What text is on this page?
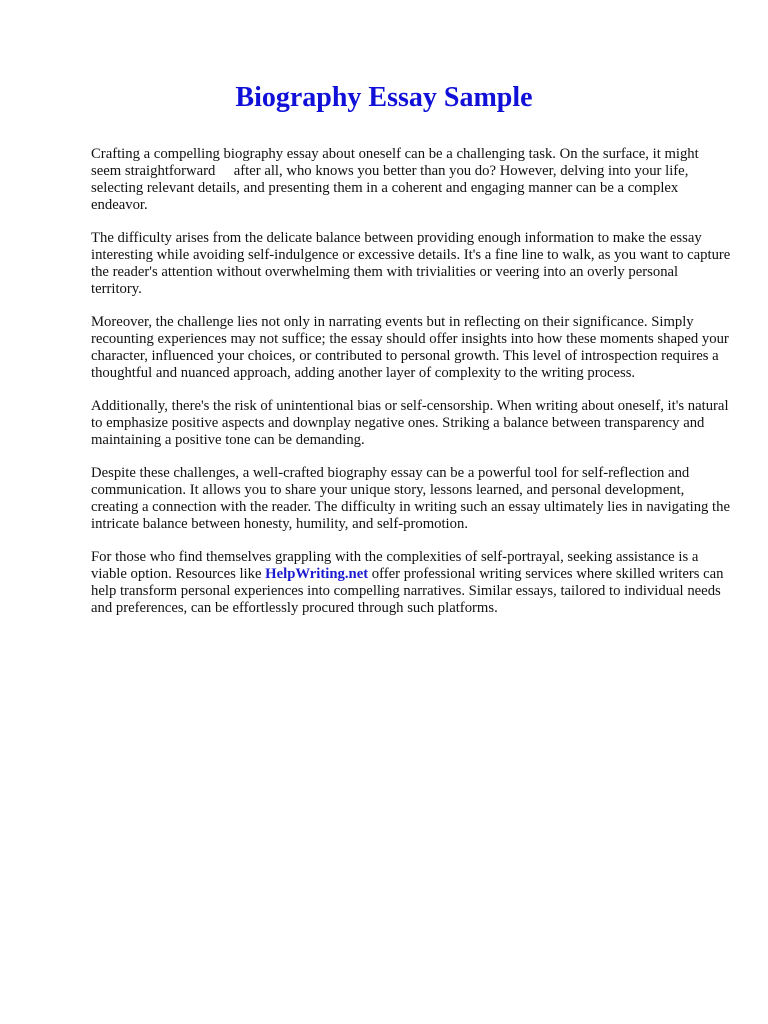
Biography Essay Sample

Crafting a compelling biography essay about oneself can be a challenging task. On the surface, it might seem straightforward  after all, who knows you better than you do? However, delving into your life, selecting relevant details, and presenting them in a coherent and engaging manner can be a complex endeavor.

The difficulty arises from the delicate balance between providing enough information to make the essay interesting while avoiding self-indulgence or excessive details. It's a fine line to walk, as you want to capture the reader's attention without overwhelming them with trivialities or veering into an overly personal territory.

Moreover, the challenge lies not only in narrating events but in reflecting on their significance. Simply recounting experiences may not suffice; the essay should offer insights into how these moments shaped your character, influenced your choices, or contributed to personal growth. This level of introspection requires a thoughtful and nuanced approach, adding another layer of complexity to the writing process.

Additionally, there's the risk of unintentional bias or self-censorship. When writing about oneself, it's natural to emphasize positive aspects and downplay negative ones. Striking a balance between transparency and maintaining a positive tone can be demanding.

Despite these challenges, a well-crafted biography essay can be a powerful tool for self-reflection and communication. It allows you to share your unique story, lessons learned, and personal development, creating a connection with the reader. The difficulty in writing such an essay ultimately lies in navigating the intricate balance between honesty, humility, and self-promotion.

For those who find themselves grappling with the complexities of self-portrayal, seeking assistance is a viable option. Resources like HelpWriting.net offer professional writing services where skilled writers can help transform personal experiences into compelling narratives. Similar essays, tailored to individual needs and preferences, can be effortlessly procured through such platforms.
